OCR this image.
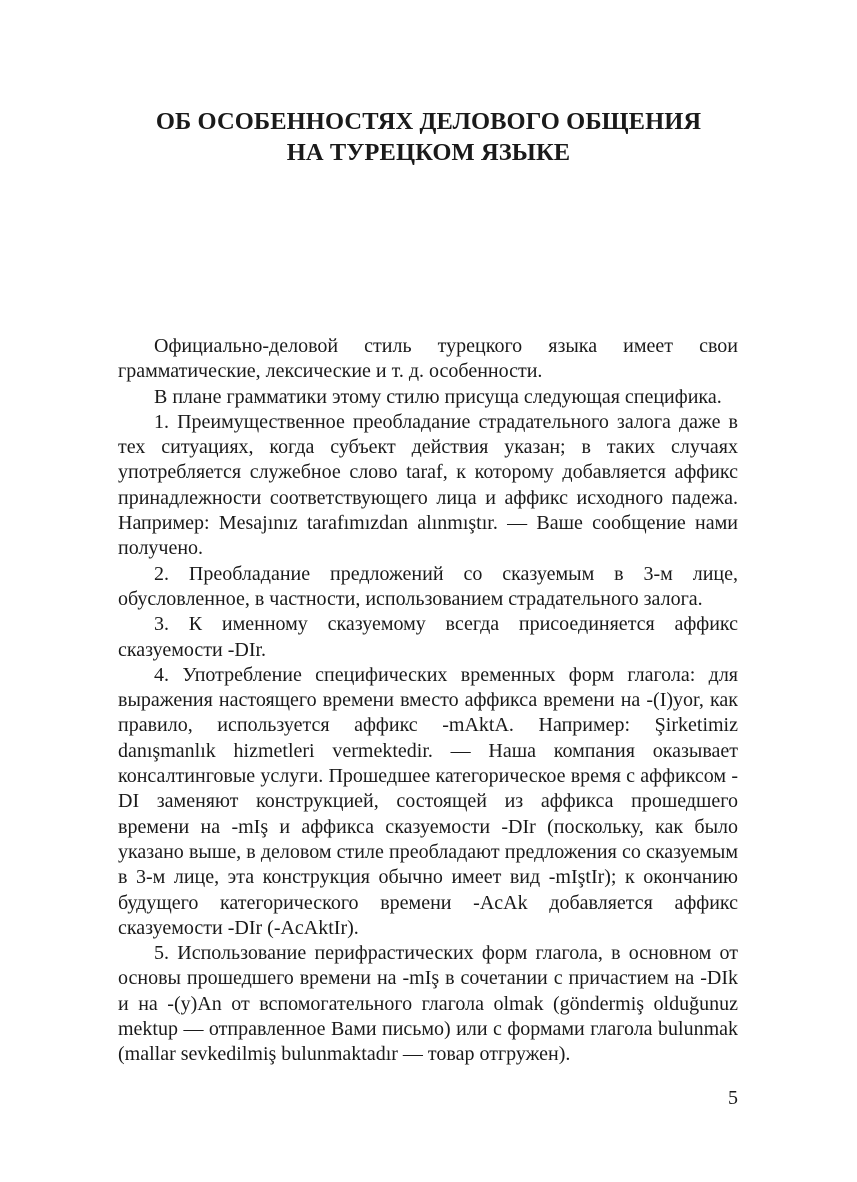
ОБ ОСОБЕННОСТЯХ ДЕЛОВОГО ОБЩЕНИЯ
НА ТУРЕЦКОМ ЯЗЫКЕ

Официально-деловой стиль турецкого языка имеет свои грамматические, лексические и т. д. особенности.

В плане грамматики этому стилю присуща следующая специфика.

1. Преимущественное преобладание страдательного залога даже в тех ситуациях, когда субъект действия указан; в таких случаях употребляется служебное слово taraf, к которому добавляется аффикс принадлежности соответствующего лица и аффикс исходного падежа. Например: Mesajınız tarafımızdan alınmıştır. — Ваше сообщение нами получено.

2. Преобладание предложений со сказуемым в 3-м лице, обусловленное, в частности, использованием страдательного залога.

3. К именному сказуемому всегда присоединяется аффикс сказуемости -DIr.

4. Употребление специфических временных форм глагола: для выражения настоящего времени вместо аффикса времени на -(I)yor, как правило, используется аффикс -mAktA. Например: Şirketimiz danışmanlık hizmetleri vermektedir. — Наша компания оказывает консалтинговые услуги. Прошедшее категорическое время с аффиксом -DI заменяют конструкцией, состоящей из аффикса прошедшего времени на -mIş и аффикса сказуемости -DIr (поскольку, как было указано выше, в деловом стиле преобладают предложения со сказуемым в 3-м лице, эта конструкция обычно имеет вид -mIştIr); к окончанию будущего категорического времени -AcAk добавляется аффикс сказуемости -DIr (-AcAktIr).

5. Использование перифрастических форм глагола, в основном от основы прошедшего времени на -mIş в сочетании с причастием на -DIk и на -(y)An от вспомогательного глагола olmak (göndermiş olduğunuz mektup — отправленное Вами письмо) или с формами глагола bulunmak (mallar sevkedilmiş bulunmaktadır — товар отгружен).

5
